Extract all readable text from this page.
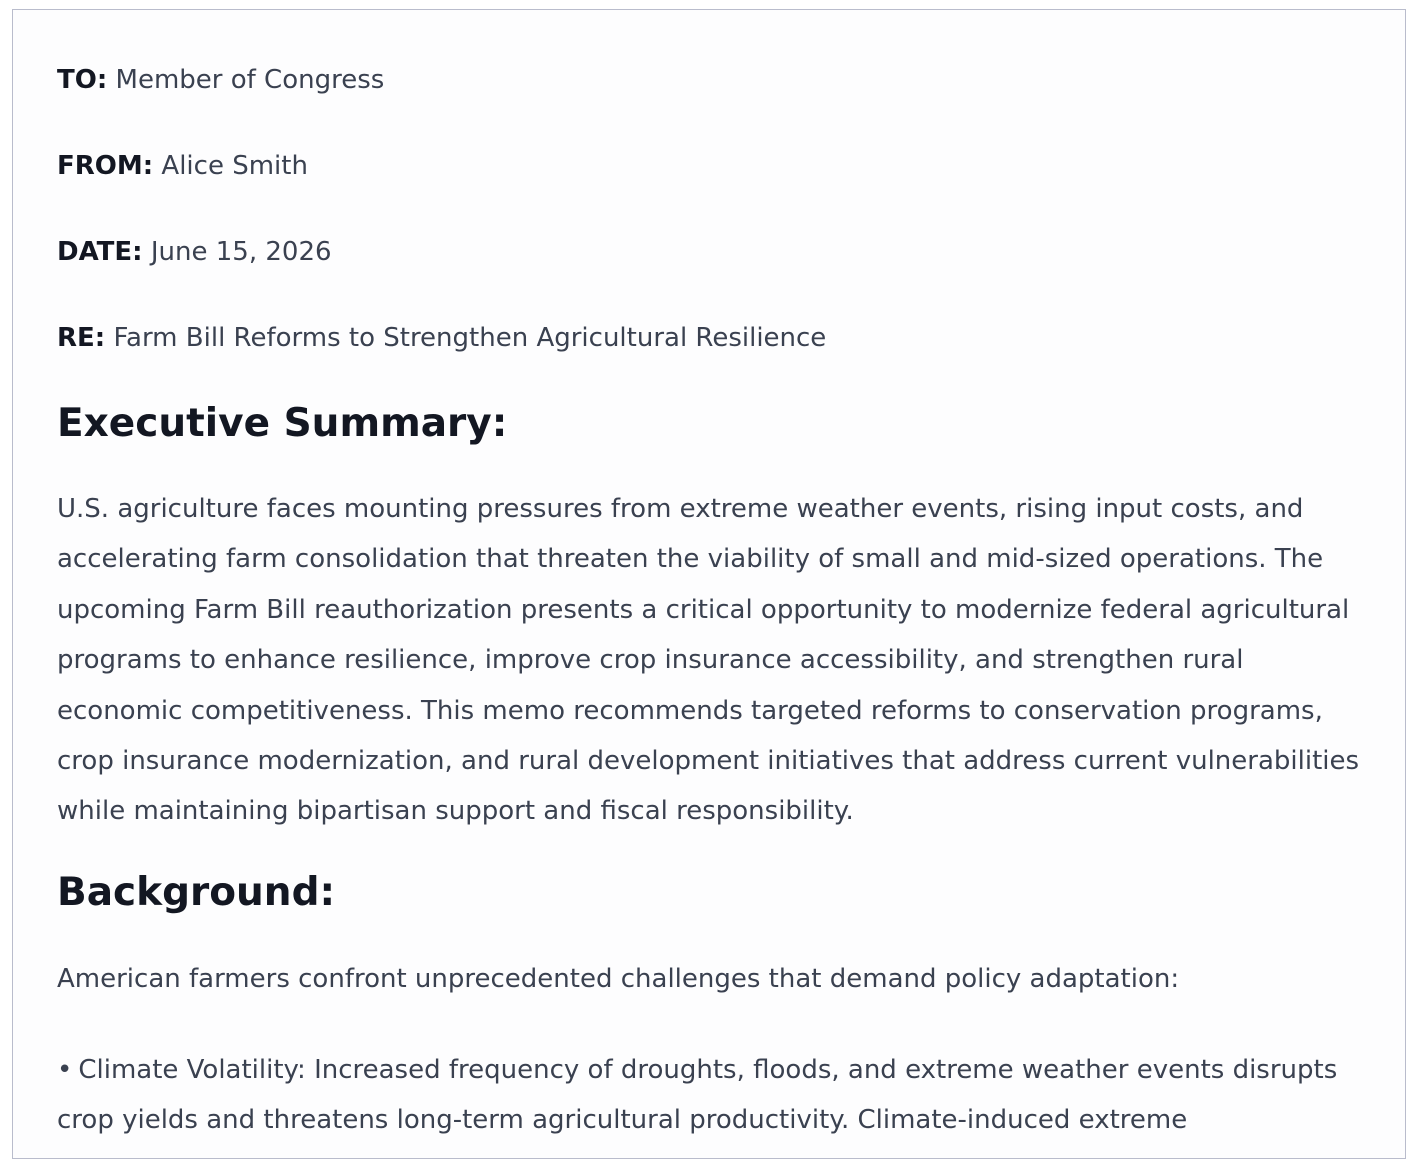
TO: Member of Congress

FROM: Alice Smith

DATE: June 15, 2026

RE: Farm Bill Reforms to Strengthen Agricultural Resilience

Executive Summary:

U.S. agriculture faces mounting pressures from extreme weather events, rising input costs, and accelerating farm consolidation that threaten the viability of small and mid-sized operations. The upcoming Farm Bill reauthorization presents a critical opportunity to modernize federal agricultural programs to enhance resilience, improve crop insurance accessibility, and strengthen rural economic competitiveness. This memo recommends targeted reforms to conservation programs, crop insurance modernization, and rural development initiatives that address current vulnerabilities while maintaining bipartisan support and fiscal responsibility.

Background:

American farmers confront unprecedented challenges that demand policy adaptation:

• Climate Volatility: Increased frequency of droughts, floods, and extreme weather events disrupts crop yields and threatens long-term agricultural productivity. Climate-induced extreme
